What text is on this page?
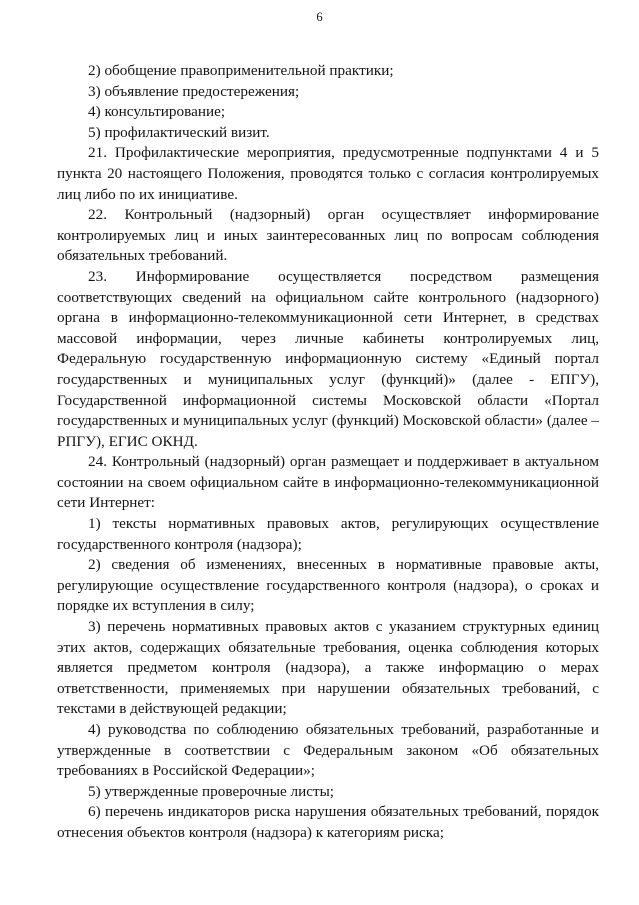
6

2) обобщение правоприменительной практики;

3) объявление предостережения;

4) консультирование;

5) профилактический визит.

21. Профилактические мероприятия, предусмотренные подпунктами 4 и 5 пункта 20 настоящего Положения, проводятся только с согласия контролируемых лиц либо по их инициативе.

22. Контрольный (надзорный) орган осуществляет информирование контролируемых лиц и иных заинтересованных лиц по вопросам соблюдения обязательных требований.

23. Информирование осуществляется посредством размещения соответствующих сведений на официальном сайте контрольного (надзорного) органа в информационно-телекоммуникационной сети Интернет, в средствах массовой информации, через личные кабинеты контролируемых лиц, Федеральную государственную информационную систему «Единый портал государственных и муниципальных услуг (функций)» (далее - ЕПГУ), Государственной информационной системы Московской области «Портал государственных и муниципальных услуг (функций) Московской области» (далее – РПГУ), ЕГИС ОКНД.

24. Контрольный (надзорный) орган размещает и поддерживает в актуальном состоянии на своем официальном сайте в информационно-телекоммуникационной сети Интернет:

1) тексты нормативных правовых актов, регулирующих осуществление государственного контроля (надзора);

2) сведения об изменениях, внесенных в нормативные правовые акты, регулирующие осуществление государственного контроля (надзора), о сроках и порядке их вступления в силу;

3) перечень нормативных правовых актов с указанием структурных единиц этих актов, содержащих обязательные требования, оценка соблюдения которых является предметом контроля (надзора), а также информацию о мерах ответственности, применяемых при нарушении обязательных требований, с текстами в действующей редакции;

4) руководства по соблюдению обязательных требований, разработанные и утвержденные в соответствии с Федеральным законом «Об обязательных требованиях в Российской Федерации»;

5) утвержденные проверочные листы;

6) перечень индикаторов риска нарушения обязательных требований, порядок отнесения объектов контроля (надзора) к категориям риска;
